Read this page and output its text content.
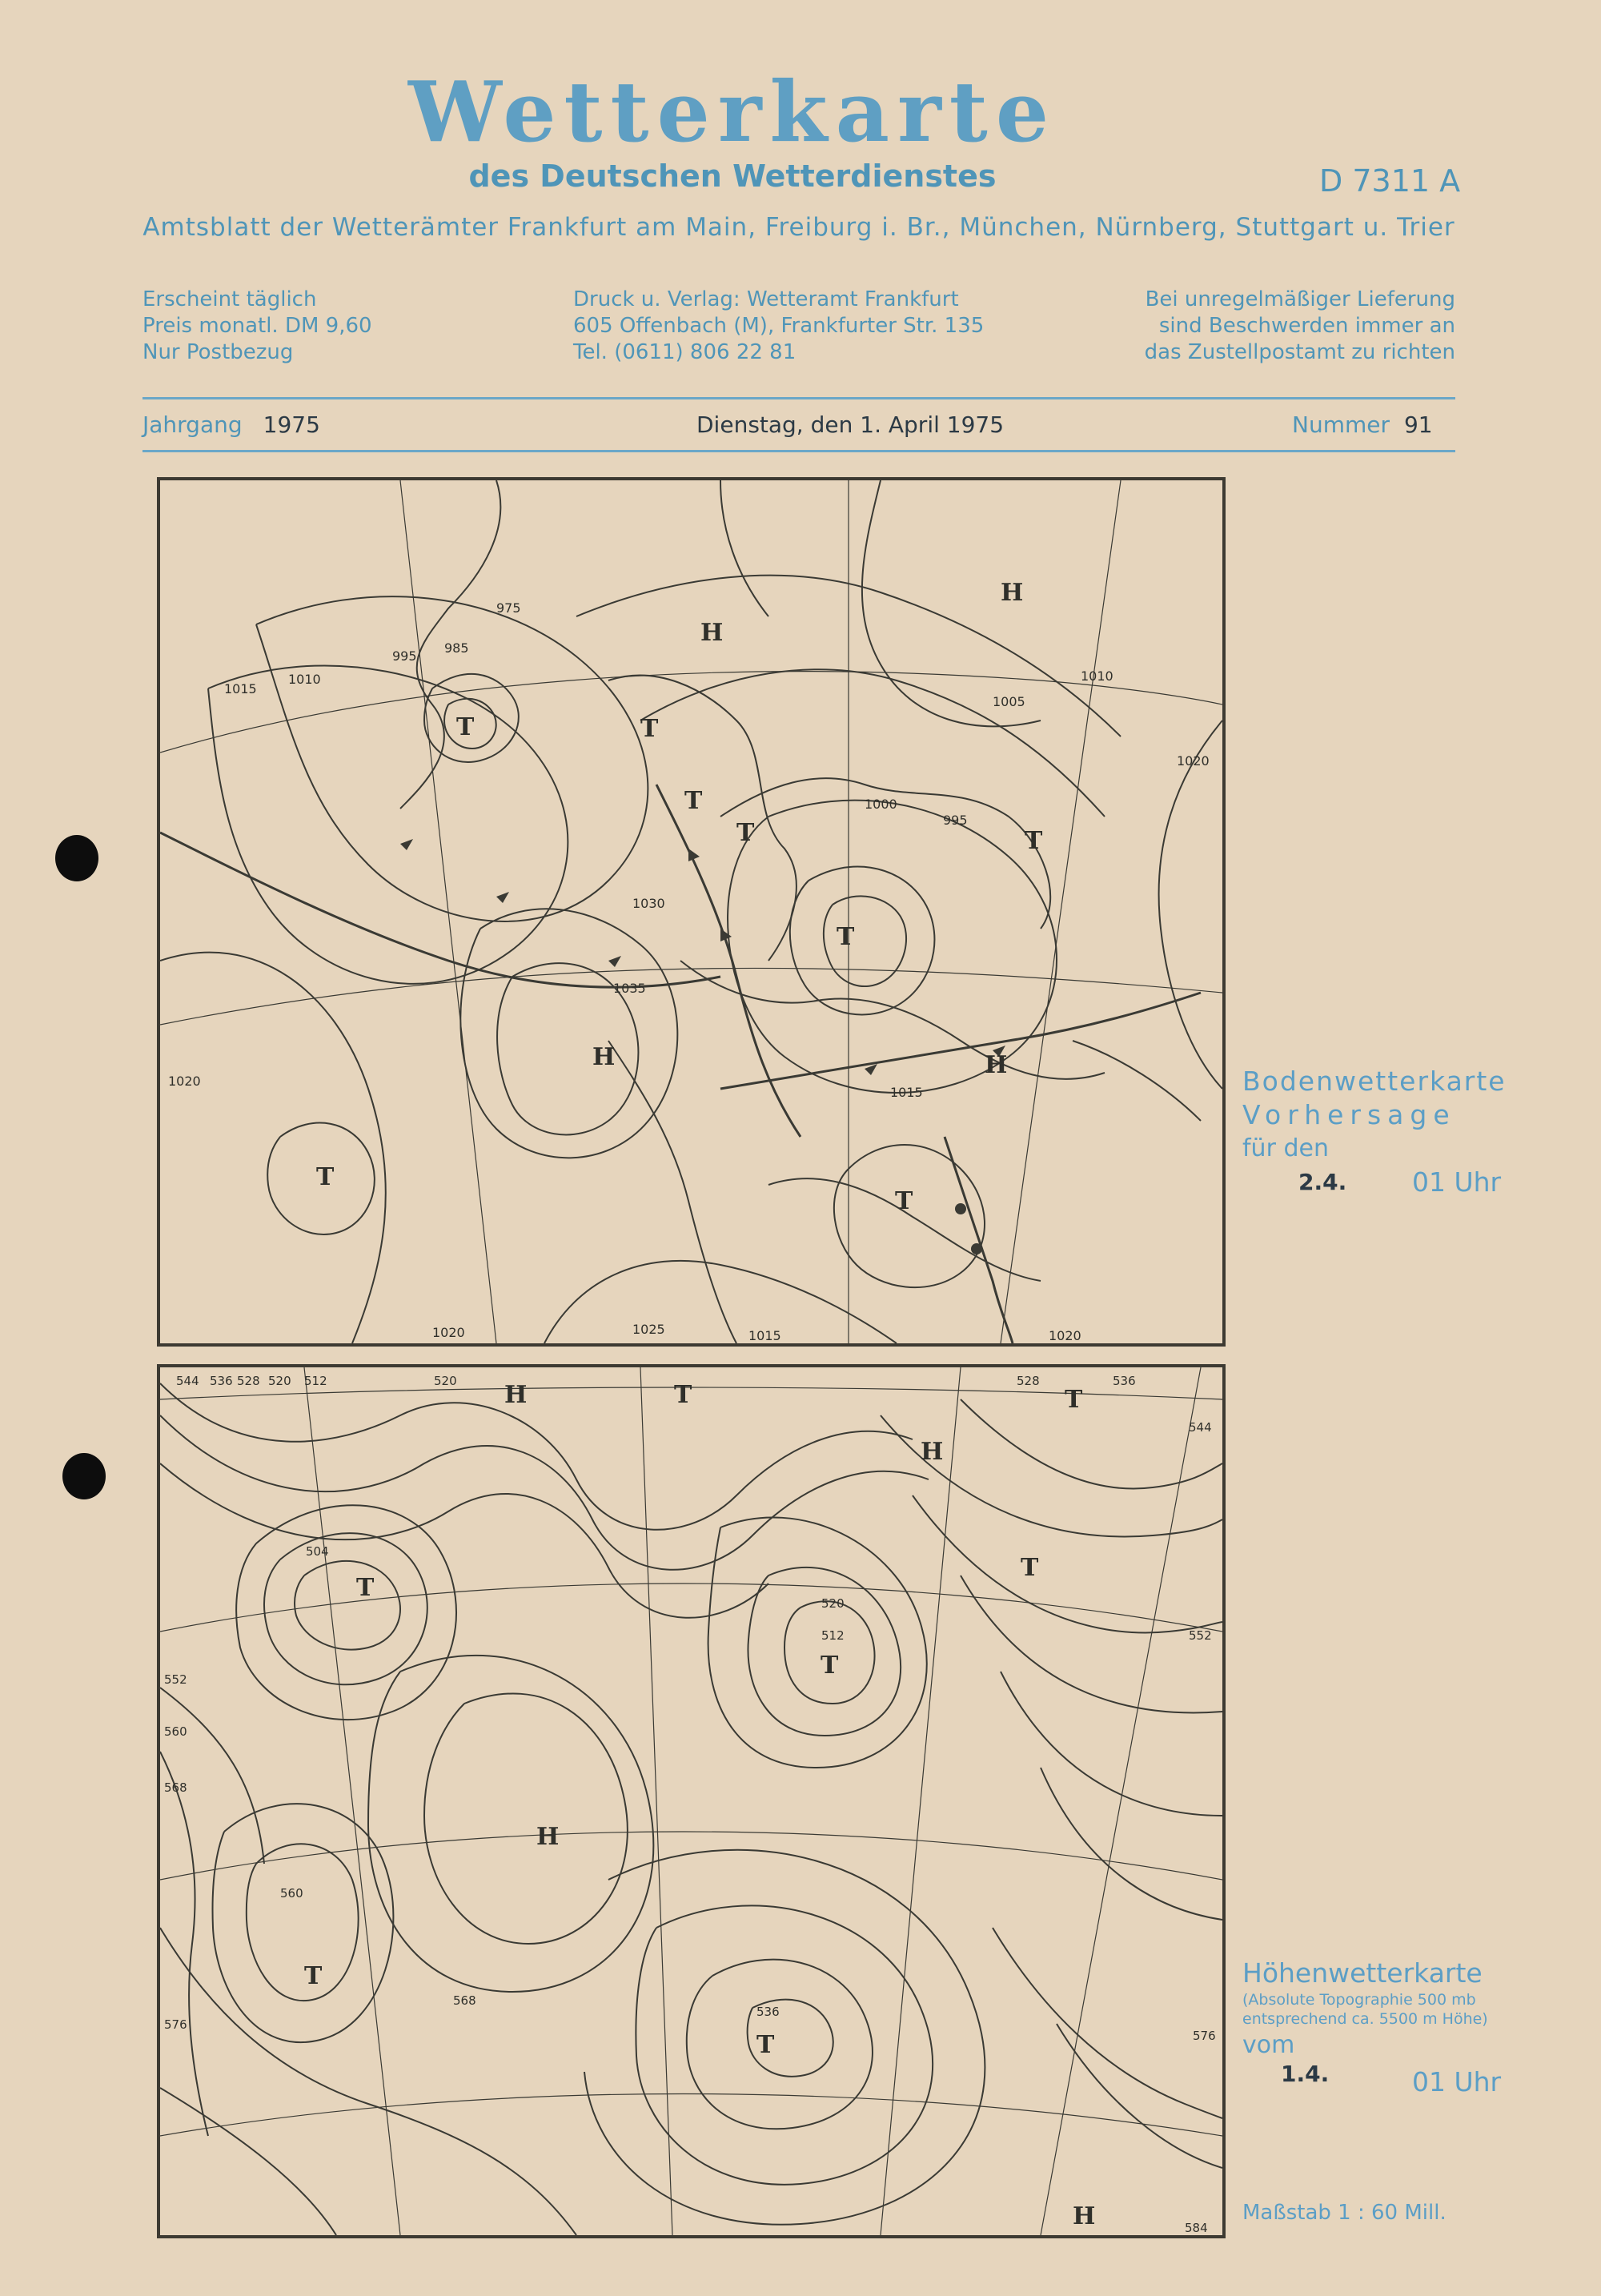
Wetterkarte
des Deutschen Wetterdienstes	D 7311 A
Amtsblatt der Wetterämter Frankfurt am Main, Freiburg i. Br., München, Nürnberg, Stuttgart u. Trier
Erscheint täglich
Preis monatl. DM 9,60
Nur Postbezug
Druck u. Verlag: Wetteramt Frankfurt
605 Offenbach (M), Frankfurter Str. 135
Tel. (0611) 806 22 81
Bei unregelmäßiger Lieferung
sind Beschwerden immer an
das Zustellpostamt zu richten
Jahrgang 1975	Dienstag, den 1. April 1975	Nummer 91
H
H	H
H
T	T
T
T
T	T
T
T
975
985
995
1010
1015
1020
1020	1025
1030
1035
1015
1015	1020
1010
1005
1020
995
1000
Bodenwetterkarte
Vorhersage
für den
2.4. 01 Uhr
H
H
H
H
T	T
T
T
T
T
T
544 536 528 520 512	520	528	536
544
552
560
568
576
504
512
520
552
560
568
576
584
536
Höhenwetterkarte
(Absolute Topographie 500 mb
entsprechend ca. 5500 m Höhe)
vom
1.4.	01 Uhr
Maßstab 1 : 60 Mill.
